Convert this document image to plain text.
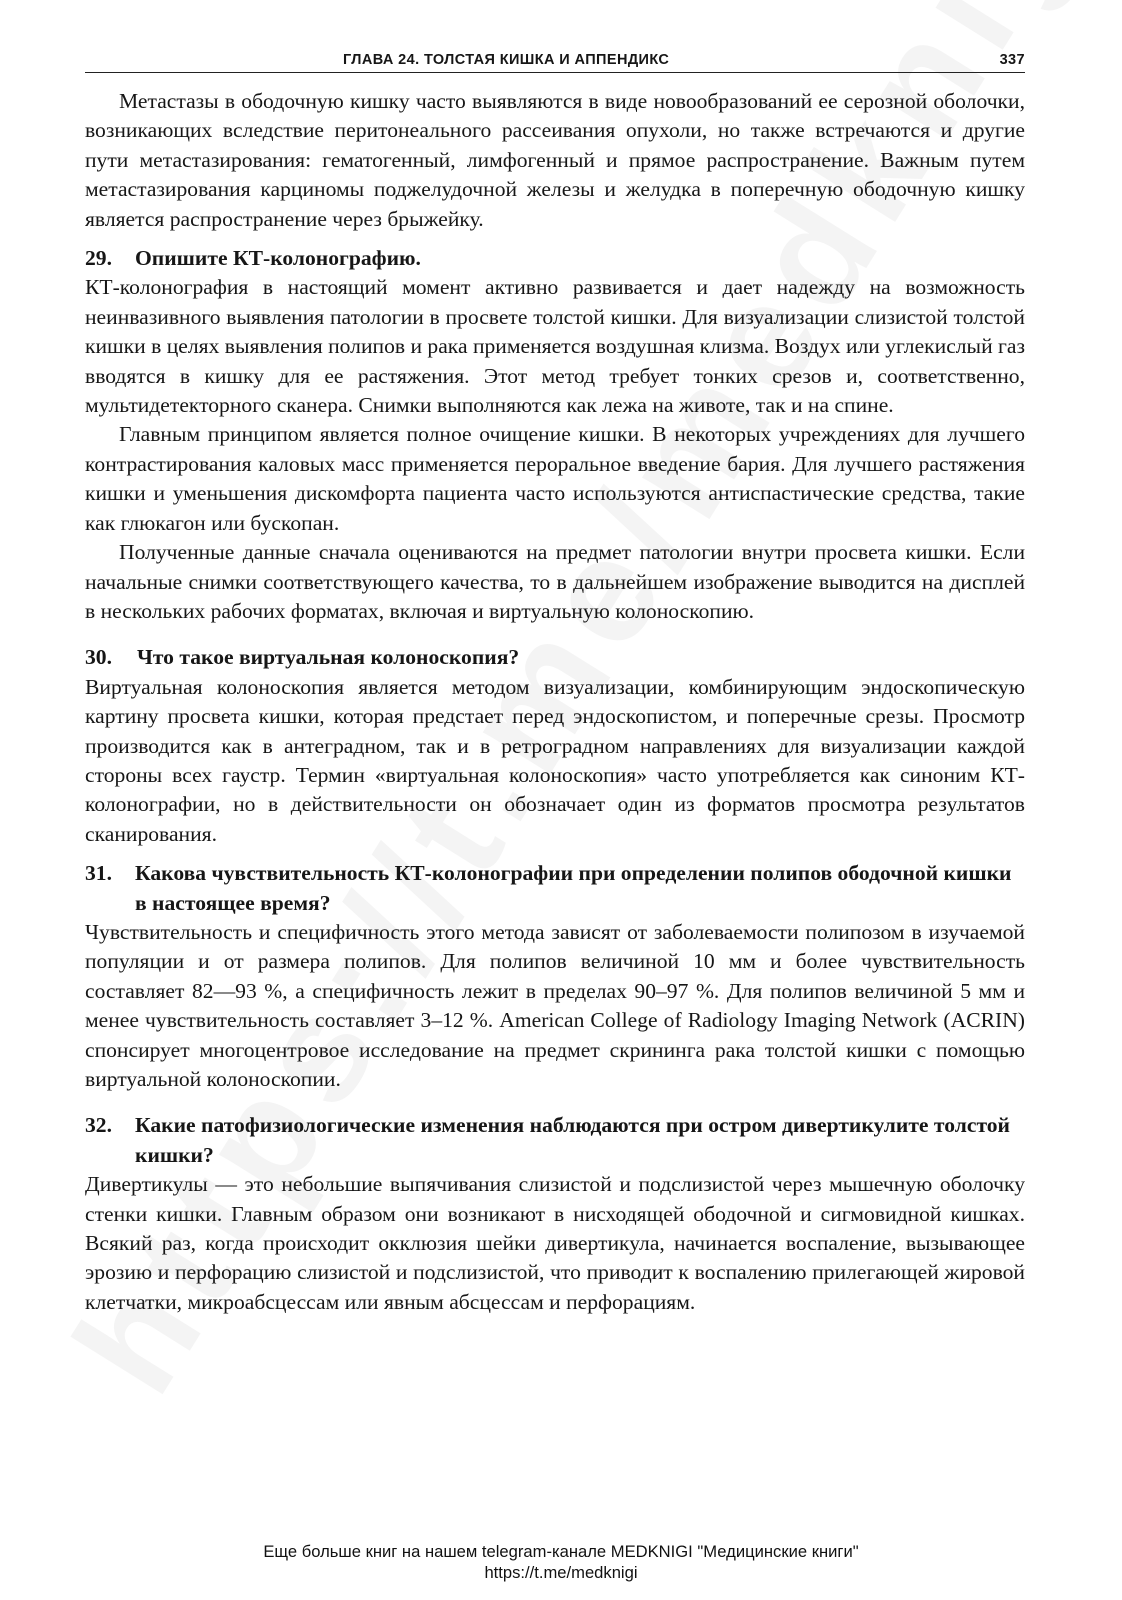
ГЛАВА 24. ТОЛСТАЯ КИШКА И АППЕНДИКС	337

Метастазы в ободочную кишку часто выявляются в виде новообразований ее серозной оболочки, возникающих вследствие перитонеального рассеивания опухоли, но также встречаются и другие пути метастазирования: гематогенный, лимфогенный и прямое распространение. Важным путем метастазирования карциномы поджелудочной железы и желудка в поперечную ободочную кишку является распространение через брыжейку.

29.	Опишите КТ-колонографию.

КТ-колонография в настоящий момент активно развивается и дает надежду на возможность неинвазивного выявления патологии в просвете толстой кишки. Для визуализации слизистой толстой кишки в целях выявления полипов и рака применяется воздушная клизма. Воздух или углекислый газ вводятся в кишку для ее растяжения. Этот метод требует тонких срезов и, соответственно, мультидетекторного сканера. Снимки выполняются как лежа на животе, так и на спине.

Главным принципом является полное очищение кишки. В некоторых учреждениях для лучшего контрастирования каловых масс применяется пероральное введение бария. Для лучшего растяжения кишки и уменьшения дискомфорта пациента часто используются антиспастические средства, такие как глюкагон или бускопан.

Полученные данные сначала оцениваются на предмет патологии внутри просвета кишки. Если начальные снимки соответствующего качества, то в дальнейшем изображение выводится на дисплей в нескольких рабочих форматах, включая и виртуальную колоноскопию.

30.	Что такое виртуальная колоноскопия?

Виртуальная колоноскопия является методом визуализации, комбинирующим эндоскопическую картину просвета кишки, которая предстает перед эндоскопистом, и поперечные срезы. Просмотр производится как в антеградном, так и в ретроградном направлениях для визуализации каждой стороны всех гаустр. Термин «виртуальная колоноскопия» часто употребляется как синоним КТ-колонографии, но в действительности он обозначает один из форматов просмотра результатов сканирования.

31.	Какова чувствительность КТ-колонографии при определении полипов ободочной кишки в настоящее время?

Чувствительность и специфичность этого метода зависят от заболеваемости полипозом в изучаемой популяции и от размера полипов. Для полипов величиной 10 мм и более чувствительность составляет 82—93 %, а специфичность лежит в пределах 90–97 %. Для полипов величиной 5 мм и менее чувствительность составляет 3–12 %. American College of Radiology Imaging Network (ACRIN) спонсирует многоцентровое исследование на предмет скрининга рака толстой кишки с помощью виртуальной колоноскопии.

32.	Какие патофизиологические изменения наблюдаются при остром дивертикулите толстой кишки?

Дивертикулы — это небольшие выпячивания слизистой и подслизистой через мышечную оболочку стенки кишки. Главным образом они возникают в нисходящей ободочной и сигмовидной кишках. Всякий раз, когда происходит окклюзия шейки дивертикула, начинается воспаление, вызывающее эрозию и перфорацию слизистой и подслизистой, что приводит к воспалению прилегающей жировой клетчатки, микроабсцессам или явным абсцессам и перфорациям.

Еще больше книг на нашем telegram-канале MEDKNIGI "Медицинские книги"
https://t.me/medknigi
